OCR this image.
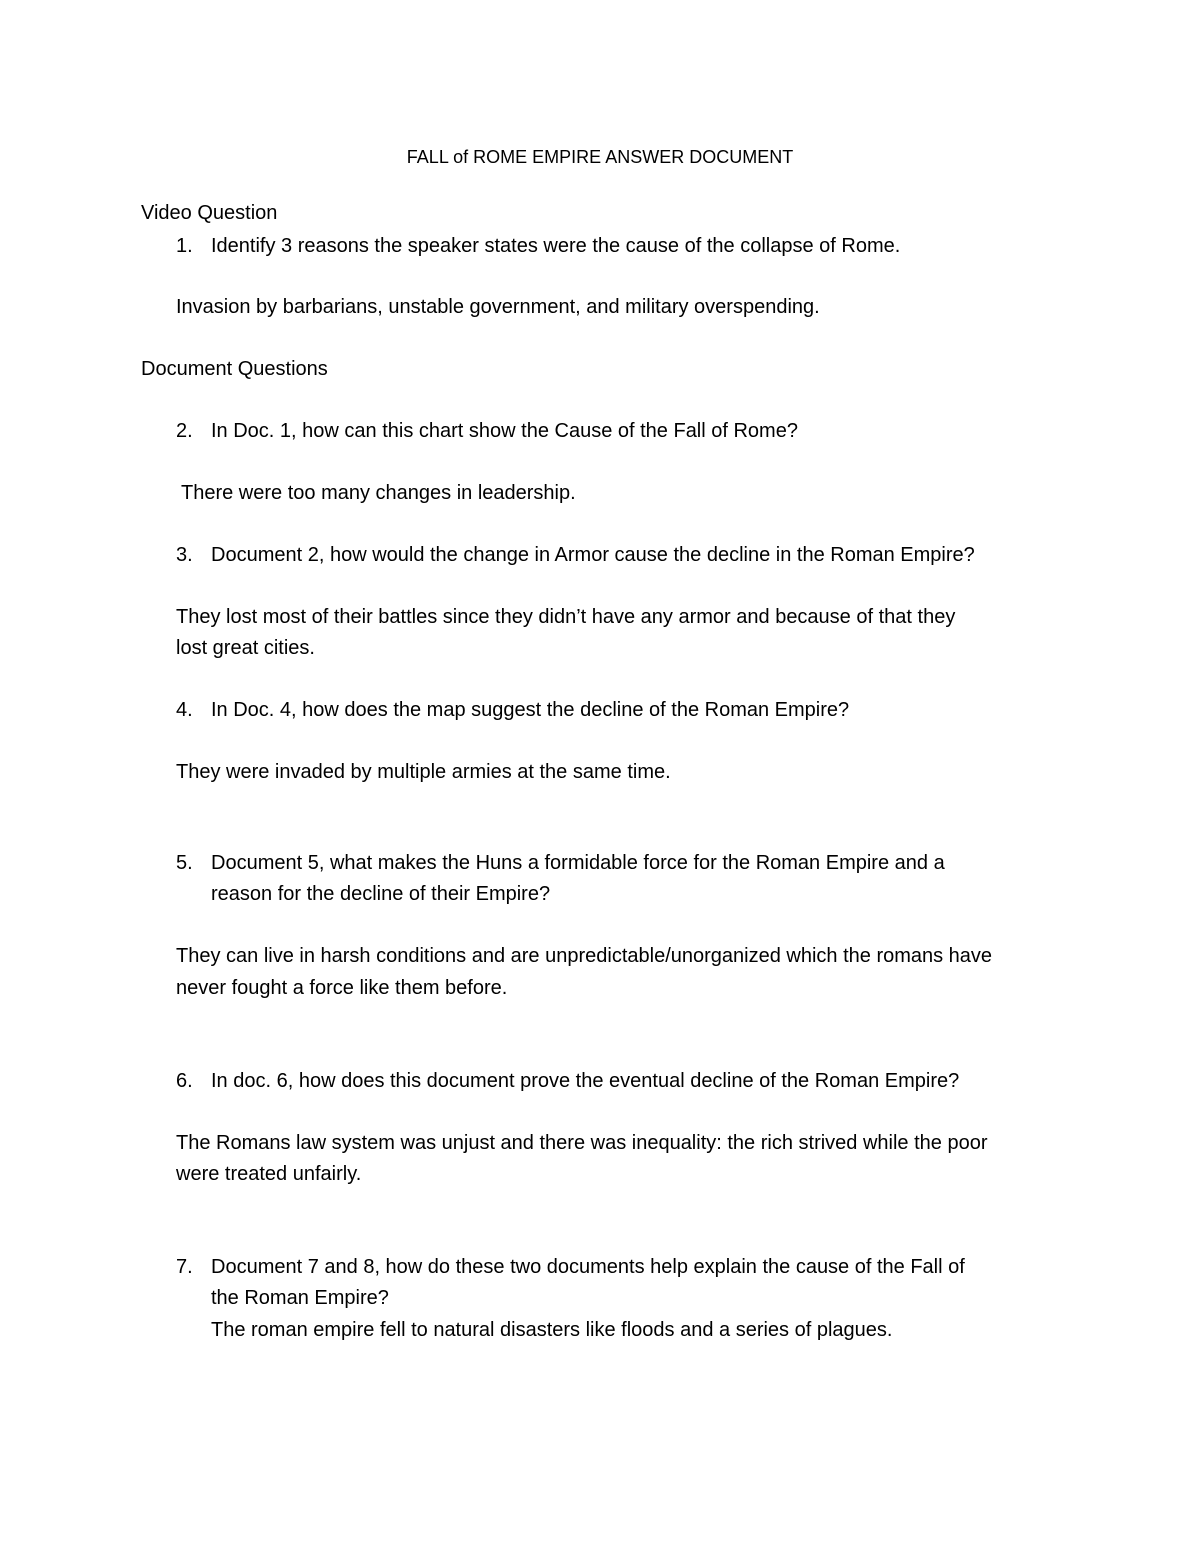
FALL of ROME EMPIRE ANSWER DOCUMENT
Video Question
1. Identify 3 reasons the speaker states were the cause of the collapse of Rome.
Invasion by barbarians, unstable government, and military overspending.
Document Questions
2. In Doc. 1, how can this chart show the Cause of the Fall of Rome?
There were too many changes in leadership.
3. Document 2, how would the change in Armor cause the decline in the Roman Empire?
They lost most of their battles since they didn’t have any armor and because of that they
lost great cities.
4. In Doc. 4, how does the map suggest the decline of the Roman Empire?
They were invaded by multiple armies at the same time.
5. Document 5, what makes the Huns a formidable force for the Roman Empire and a
reason for the decline of their Empire?
They can live in harsh conditions and are unpredictable/unorganized which the romans have
never fought a force like them before.
6. In doc. 6, how does this document prove the eventual decline of the Roman Empire?
The Romans law system was unjust and there was inequality: the rich strived while the poor
were treated unfairly.
7. Document 7 and 8, how do these two documents help explain the cause of the Fall of
the Roman Empire?
The roman empire fell to natural disasters like floods and a series of plagues.
